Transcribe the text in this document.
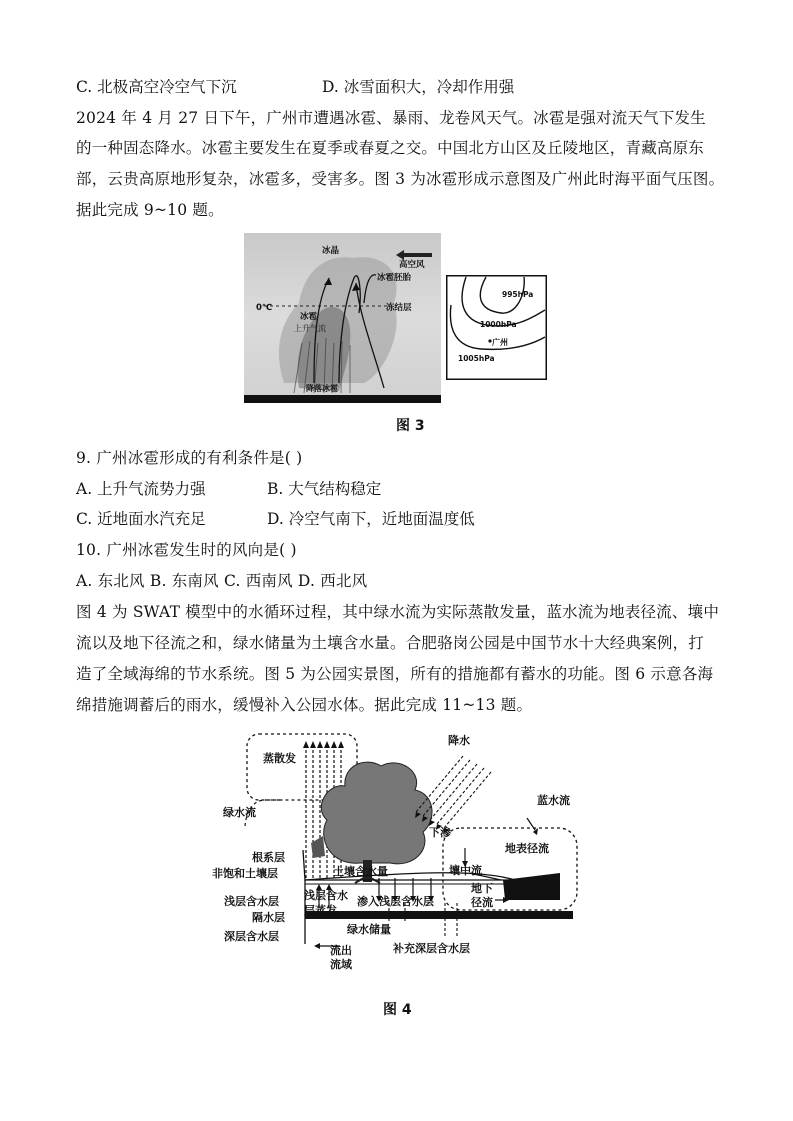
C. 北极高空冷空气下沉	D. 冰雪面积大，冷却作用强
2024 年 4 月 27 日下午，广州市遭遇冰雹、暴雨、龙卷风天气。冰雹是强对流天气下发生
的一种固态降水。冰雹主要发生在夏季或春夏之交。中国北方山区及丘陵地区，青藏高原东
部，云贵高原地形复杂，冰雹多，受害多。图 3 为冰雹形成示意图及广州此时海平面气压图。
据此完成 9~10 题。
冰晶
高空风
冰雹胚胎
0℃	冻结层
冰雹
上升气流
降落冰雹
995hPa
1000hPa
广州
1005hPa
图 3
9. 广州冰雹形成的有利条件是( )
A. 上升气流势力强	B. 大气结构稳定
C. 近地面水汽充足	D. 冷空气南下，近地面温度低
10. 广州冰雹发生时的风向是( )
A. 东北风 B. 东南风 C. 西南风 D. 西北风
图 4 为 SWAT 模型中的水循环过程，其中绿水流为实际蒸散发量，蓝水流为地表径流、壤中
流以及地下径流之和，绿水储量为土壤含水量。合肥骆岗公园是中国节水十大经典案例，打
造了全域海绵的节水系统。图 5 为公园实景图，所有的措施都有蓄水的功能。图 6 示意各海
绵措施调蓄后的雨水，缓慢补入公园水体。据此完成 11~13 题。
蒸散发
降水
绿水流
蓝水流
下渗
地表径流
根系层
非饱和土壤层	土壤含水量	壤中流
浅层含水层 浅层含水
层蒸发
渗入浅层含水层
地下
径流
隔水层
绿水储量
深层含水层
流出
流域
补充深层含水层
图 4
